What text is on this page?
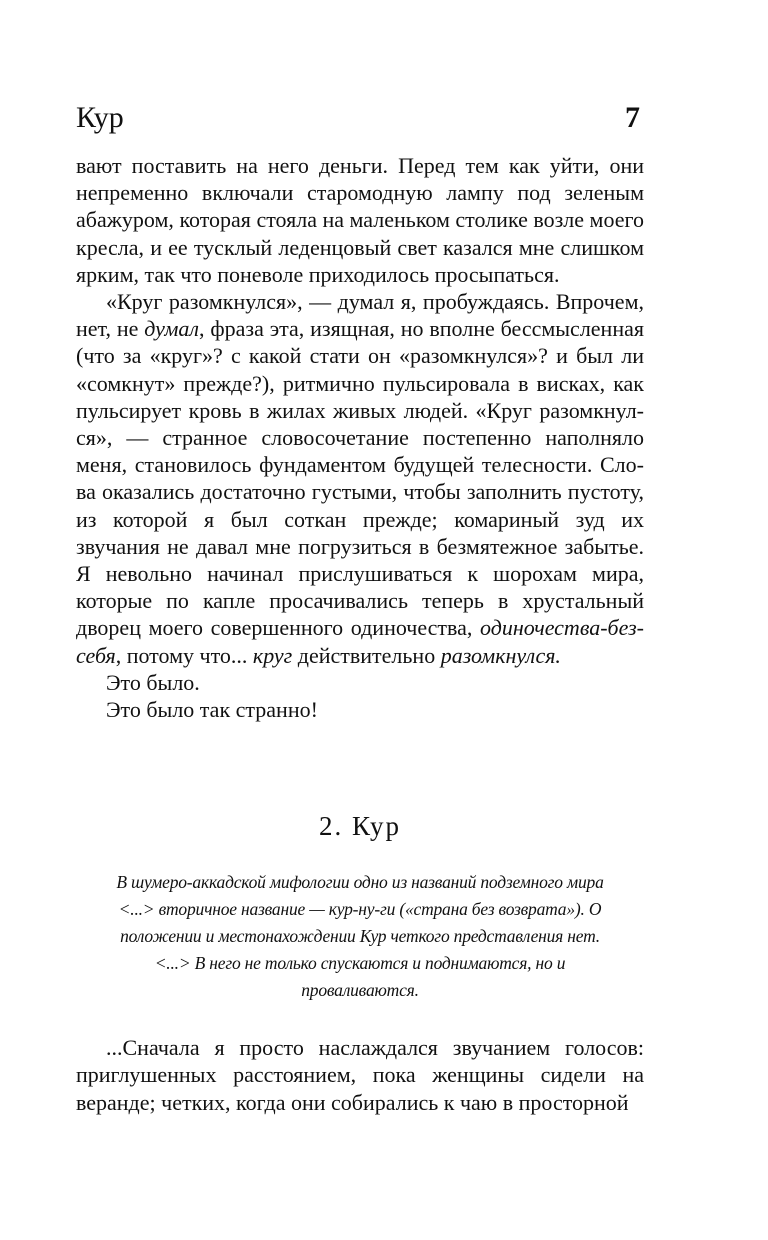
Кур	7

вают поставить на него деньги. Перед тем как уйти, они непременно включали старомодную лампу под зеленым абажуром, которая стояла на маленьком столике возле моего кресла, и ее тусклый леденцовый свет казался мне слишком ярким, так что поневоле приходилось просыпаться.

«Круг разомкнулся», — думал я, пробуждаясь. Впрочем, нет, не думал, фраза эта, изящная, но вполне бессмысленная (что за «круг»? с какой стати он «разомкнулся»? и был ли «сомкнут» прежде?), ритмично пульсировала в висках, как пульсирует кровь в жилах живых людей. «Круг разомкнулся», — странное словосочетание постепенно наполняло меня, становилось фундаментом будущей телесности. Слова оказались достаточно густыми, чтобы заполнить пустоту, из которой я был соткан прежде; комариный зуд их звучания не давал мне погрузиться в безмятежное забытье. Я невольно начинал прислушиваться к шорохам мира, которые по капле просачивались теперь в хрустальный дворец моего совершенного одиночества, одиночества-без-себя, потому что... круг действительно разомкнулся.

Это было.

Это было так странно!

2. Кур
В шумеро-аккадской мифологии одно из названий подземного мира <...> вторичное название — кур-ну-ги («страна без возврата»). О положении и местонахождении Кур четкого представления нет. <...> В него не только спускаются и поднимаются, но и проваливаются.

...Сначала я просто наслаждался звучанием голосов: приглушенных расстоянием, пока женщины сидели на веранде; четких, когда они собирались к чаю в просторной
